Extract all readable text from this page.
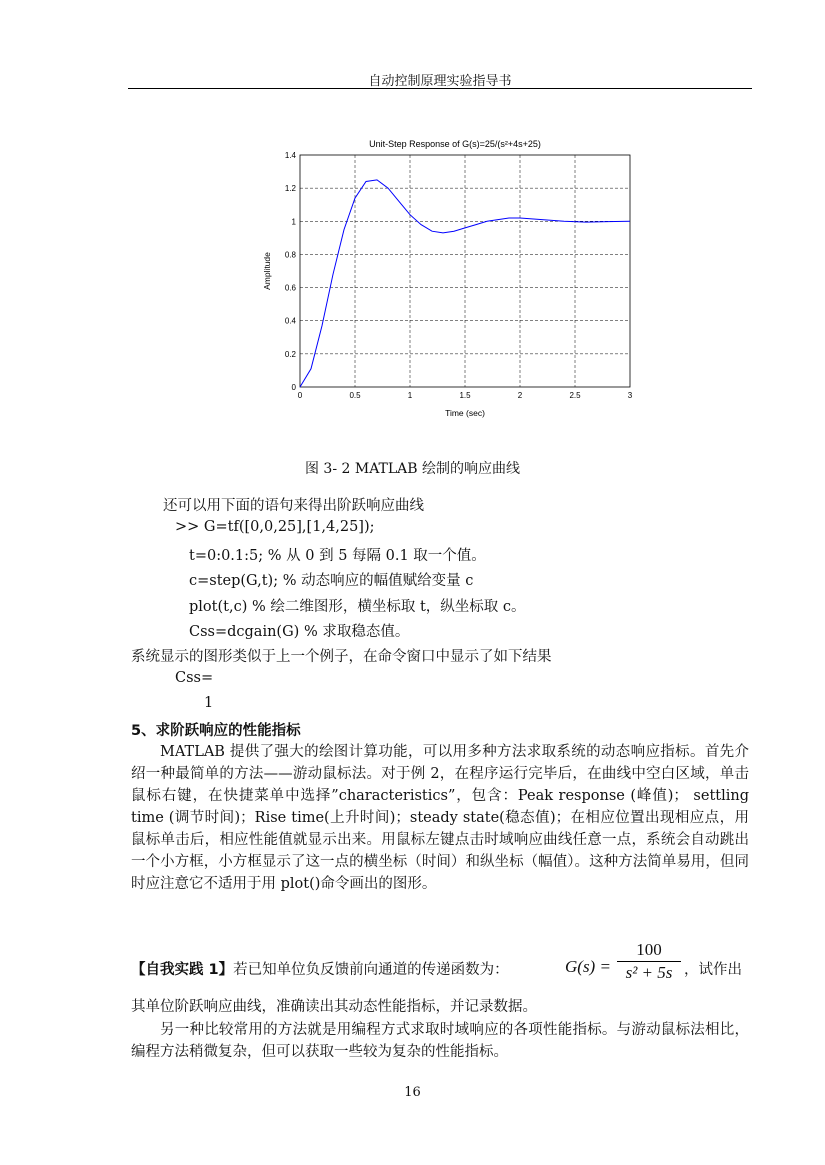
自动控制原理实验指导书
Unit-Step Response of G(s)=25/(s²+4s+25)
0	0.5	1	1.5	2	2.5	3
0
0.2
0.4
0.6
0.8
1
1.2
1.4
Time (sec)
Amplitude
图 3- 2 MATLAB 绘制的响应曲线
还可以用下面的语句来得出阶跃响应曲线
>> G=tf([0,0,25],[1,4,25]);
t=0:0.1:5; % 从 0 到 5 每隔 0.1 取一个值。
c=step(G,t); % 动态响应的幅值赋给变量 c
plot(t,c) % 绘二维图形，横坐标取 t，纵坐标取 c。
Css=dcgain(G) % 求取稳态值。
系统显示的图形类似于上一个例子，在命令窗口中显示了如下结果
Css=
1
5、求阶跃响应的性能指标
MATLAB 提供了强大的绘图计算功能，可以用多种方法求取系统的动态响应指标。首先介绍一种最简单的方法——游动鼠标法。对于例 2，在程序运行完毕后，在曲线中空白区域，单击鼠标右键，在快捷菜单中选择”characteristics”，包含：Peak response (峰值)； settling time (调节时间)；Rise time(上升时间)；steady state(稳态值)；在相应位置出现相应点，用鼠标单击后，相应性能值就显示出来。用鼠标左键点击时域响应曲线任意一点，系统会自动跳出一个小方框，小方框显示了这一点的横坐标（时间）和纵坐标（幅值）。这种方法简单易用，但同时应注意它不适用于用 plot()命令画出的图形。
【自我实践 1】若已知单位负反馈前向通道的传递函数为：	G(s) =
100
s² + 5s ，试作出
其单位阶跃响应曲线，准确读出其动态性能指标，并记录数据。
另一种比较常用的方法就是用编程方式求取时域响应的各项性能指标。与游动鼠标法相比，编程方法稍微复杂，但可以获取一些较为复杂的性能指标。
16
